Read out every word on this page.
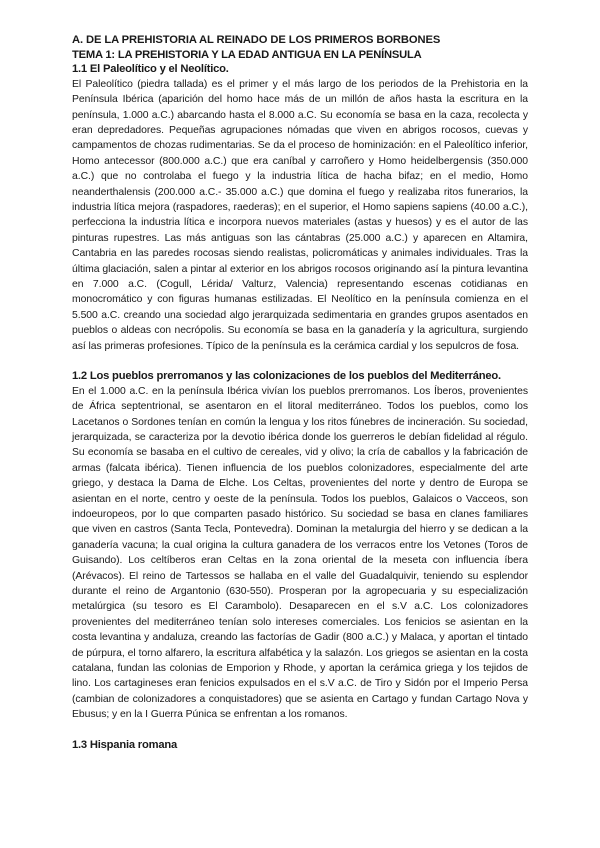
A. DE LA PREHISTORIA AL REINADO DE LOS PRIMEROS BORBONES

TEMA 1: LA PREHISTORIA Y LA EDAD ANTIGUA EN LA PENÍNSULA

1.1 El Paleolítico y el Neolítico.

El Paleolítico (piedra tallada) es el primer y el más largo de los periodos de la Prehistoria en la Península Ibérica (aparición del homo hace más de un millón de años hasta la escritura en la península, 1.000 a.C.) abarcando hasta el 8.000 a.C. Su economía se basa en la caza, recolecta y eran depredadores. Pequeñas agrupaciones nómadas que viven en abrigos rocosos, cuevas y campamentos de chozas rudimentarias. Se da el proceso de hominización: en el Paleolítico inferior, Homo antecessor (800.000 a.C.) que era caníbal y carroñero y Homo heidelbergensis (350.000 a.C.) que no controlaba el fuego y la industria lítica de hacha bifaz; en el medio, Homo neanderthalensis (200.000 a.C.- 35.000 a.C.) que domina el fuego y realizaba ritos funerarios, la industria lítica mejora (raspadores, raederas); en el superior, el Homo sapiens sapiens (40.00 a.C.), perfecciona la industria lítica e incorpora nuevos materiales (astas y huesos) y es el autor de las pinturas rupestres. Las más antiguas son las cántabras (25.000 a.C.) y aparecen en Altamira, Cantabria en las paredes rocosas siendo realistas, policromáticas y animales individuales. Tras la última glaciación, salen a pintar al exterior en los abrigos rocosos originando así la pintura levantina en 7.000 a.C. (Cogull, Lérida/ Valturz, Valencia) representando escenas cotidianas en monocromático y con figuras humanas estilizadas. El Neolítico en la península comienza en el 5.500 a.C. creando una sociedad algo jerarquizada sedimentaria en grandes grupos asentados en pueblos o aldeas con necrópolis. Su economía se basa en la ganadería y la agricultura, surgiendo así las primeras profesiones. Típico de la península es la cerámica cardial y los sepulcros de fosa.

1.2 Los pueblos prerromanos y las colonizaciones de los pueblos del Mediterráneo.

En el 1.000 a.C. en la península Ibérica vivían los pueblos prerromanos. Los Íberos, provenientes de África septentrional, se asentaron en el litoral mediterráneo. Todos los pueblos, como los Lacetanos o Sordones tenían en común la lengua y los ritos fúnebres de incineración. Su sociedad, jerarquizada, se caracteriza por la devotio ibérica donde los guerreros le debían fidelidad al régulo. Su economía se basaba en el cultivo de cereales, vid y olivo; la cría de caballos y la fabricación de armas (falcata ibérica). Tienen influencia de los pueblos colonizadores, especialmente del arte griego, y destaca la Dama de Elche. Los Celtas, provenientes del norte y dentro de Europa se asientan en el norte, centro y oeste de la península. Todos los pueblos, Galaicos o Vacceos, son indoeuropeos, por lo que comparten pasado histórico. Su sociedad se basa en clanes familiares que viven en castros (Santa Tecla, Pontevedra). Dominan la metalurgia del hierro y se dedican a la ganadería vacuna; la cual origina la cultura ganadera de los verracos entre los Vetones (Toros de Guisando). Los celtíberos eran Celtas en la zona oriental de la meseta con influencia íbera (Arévacos). El reino de Tartessos se hallaba en el valle del Guadalquivir, teniendo su esplendor durante el reino de Argantonio (630-550). Prosperan por la agropecuaria y su especialización metalúrgica (su tesoro es El Carambolo). Desaparecen en el s.V a.C. Los colonizadores provenientes del mediterráneo tenían solo intereses comerciales. Los fenicios se asientan en la costa levantina y andaluza, creando las factorías de Gadir (800 a.C.) y Malaca, y aportan el tintado de púrpura, el torno alfarero, la escritura alfabética y la salazón. Los griegos se asientan en la costa catalana, fundan las colonias de Emporion y Rhode, y aportan la cerámica griega y los tejidos de lino. Los cartagineses eran fenicios expulsados en el s.V a.C. de Tiro y Sidón por el Imperio Persa (cambian de colonizadores a conquistadores) que se asienta en Cartago y fundan Cartago Nova y Ebusus; y en la I Guerra Púnica se enfrentan a los romanos.

1.3 Hispania romana
